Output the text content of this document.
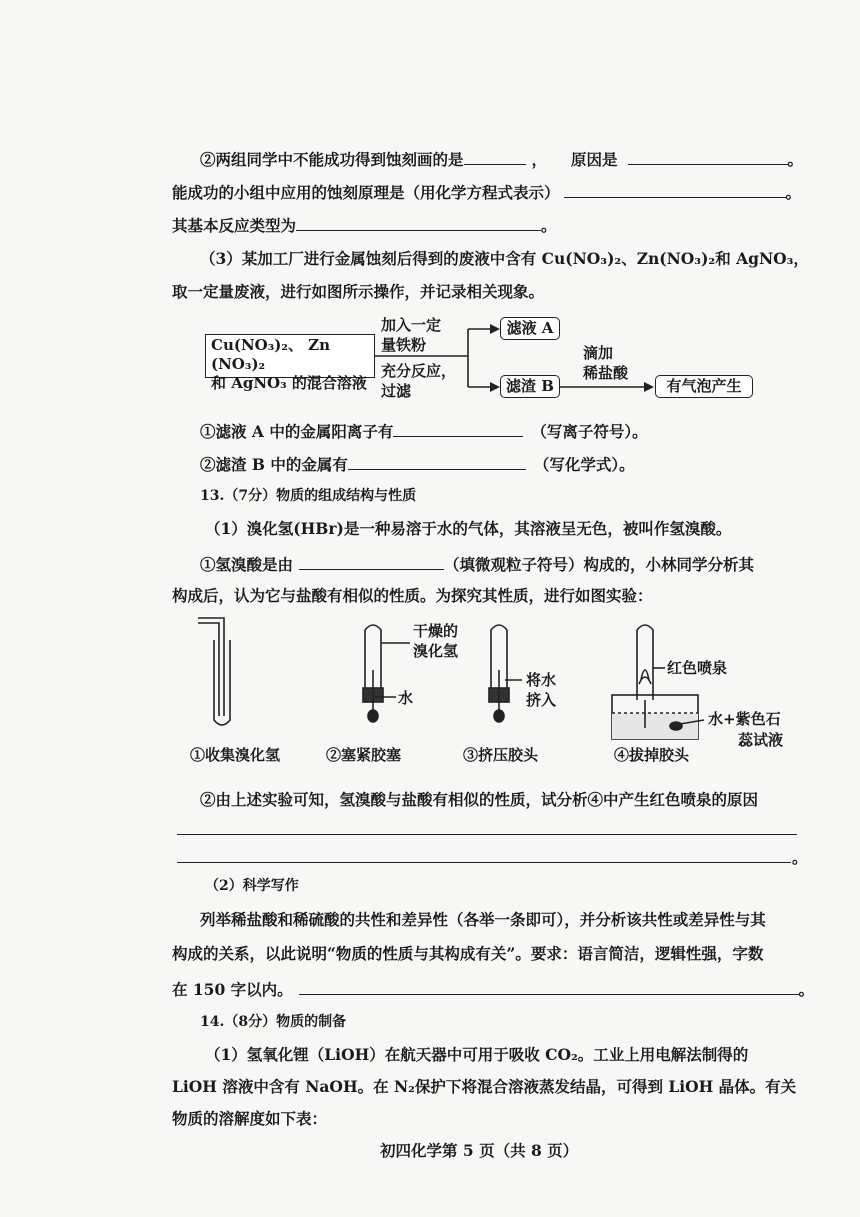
②两组同学中不能成功得到蚀刻画的是	， 原因是	。
能成功的小组中应用的蚀刻原理是（用化学方程式表示）	。
其基本反应类型为	。
（3）某加工厂进行金属蚀刻后得到的废液中含有 Cu(NO₃)₂、Zn(NO₃)₂和 AgNO₃，
取一定量废液，进行如图所示操作，并记录相关现象。
Cu(NO₃)₂、 Zn (NO₃)₂
和 AgNO₃ 的混合溶液
加入一定
量铁粉
充分反应，
过滤
滤液 A
滤渣 B
滴加
稀盐酸
有气泡产生
①滤液 A 中的金属阳离子有	（写离子符号）。
②滤渣 B 中的金属有	（写化学式）。
13.（7分）物质的组成结构与性质
（1）溴化氢(HBr)是一种易溶于水的气体，其溶液呈无色，被叫作氢溴酸。
①氢溴酸是由	（填微观粒子符号）构成的，小林同学分析其
构成后，认为它与盐酸有相似的性质。为探究其性质，进行如图实验：
干燥的
溴化氢
水
将水
挤入
红色喷泉
水+紫色石
蕊试液
①收集溴化氢	②塞紧胶塞	③挤压胶头	④拔掉胶头
②由上述实验可知，氢溴酸与盐酸有相似的性质，试分析④中产生红色喷泉的原因
。
（2）科学写作
列举稀盐酸和稀硫酸的共性和差异性（各举一条即可），并分析该共性或差异性与其
构成的关系，以此说明“物质的性质与其构成有关”。要求：语言简洁，逻辑性强，字数
在 150 字以内。	。
14.（8分）物质的制备
（1）氢氧化锂（LiOH）在航天器中可用于吸收 CO₂。工业上用电解法制得的
LiOH 溶液中含有 NaOH。在 N₂保护下将混合溶液蒸发结晶，可得到 LiOH 晶体。有关
物质的溶解度如下表：
初四化学第 5 页（共 8 页）
